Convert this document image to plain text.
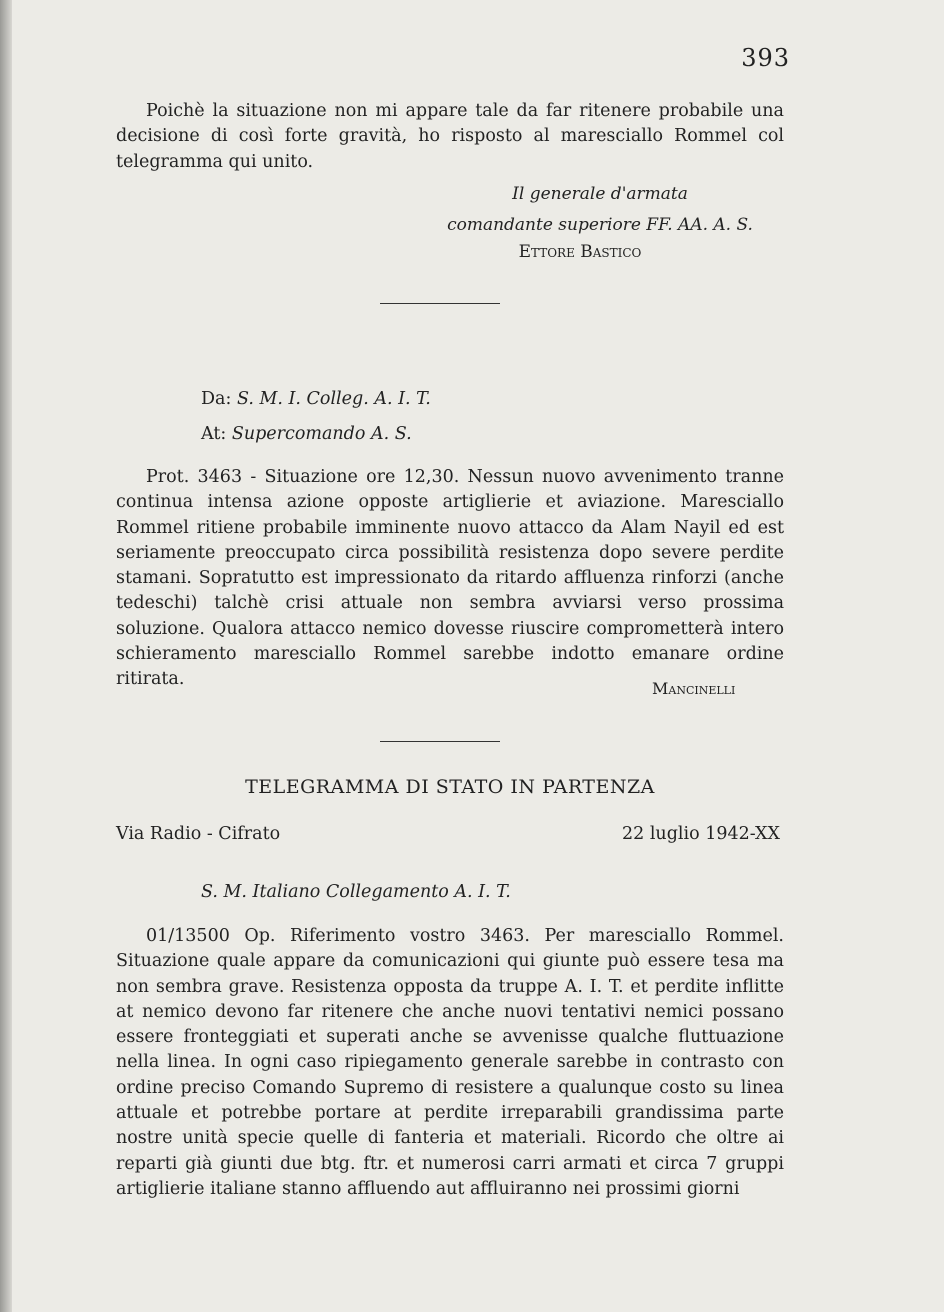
393

Poichè la situazione non mi appare tale da far ritenere probabile una decisione di così forte gravità, ho risposto al maresciallo Rommel col telegramma qui unito.

Il generale d'armata
comandante superiore FF. AA. A. S.
Ettore Bastico
Da: S. M. I. Colleg. A. I. T.
At: Supercomando A. S.

Prot. 3463 - Situazione ore 12,30. Nessun nuovo avvenimento tranne continua intensa azione opposte artiglierie et aviazione. Maresciallo Rommel ritiene probabile imminente nuovo attacco da Alam Nayil ed est seriamente preoccupato circa possibilità resistenza dopo severe perdite stamani. Sopratutto est impressionato da ritardo affluenza rinforzi (anche tedeschi) talchè crisi attuale non sembra avviarsi verso prossima soluzione. Qualora attacco nemico dovesse riuscire comprometterà intero schieramento maresciallo Rommel sarebbe indotto emanare ordine ritirata.	Mancinelli
TELEGRAMMA DI STATO IN PARTENZA
Via Radio - Cifrato	22 luglio 1942-XX
S. M. Italiano Collegamento A. I. T.

01/13500 Op. Riferimento vostro 3463. Per maresciallo Rommel. Situazione quale appare da comunicazioni qui giunte può essere tesa ma non sembra grave. Resistenza opposta da truppe A. I. T. et perdite inflitte at nemico devono far ritenere che anche nuovi tentativi nemici possano essere fronteggiati et superati anche se avvenisse qualche fluttuazione nella linea. In ogni caso ripiegamento generale sarebbe in contrasto con ordine preciso Comando Supremo di resistere a qualunque costo su linea attuale et potrebbe portare at perdite irreparabili grandissima parte nostre unità specie quelle di fanteria et materiali. Ricordo che oltre ai reparti già giunti due btg. ftr. et numerosi carri armati et circa 7 gruppi artiglierie italiane stanno affluendo aut affluiranno nei prossimi giorni
